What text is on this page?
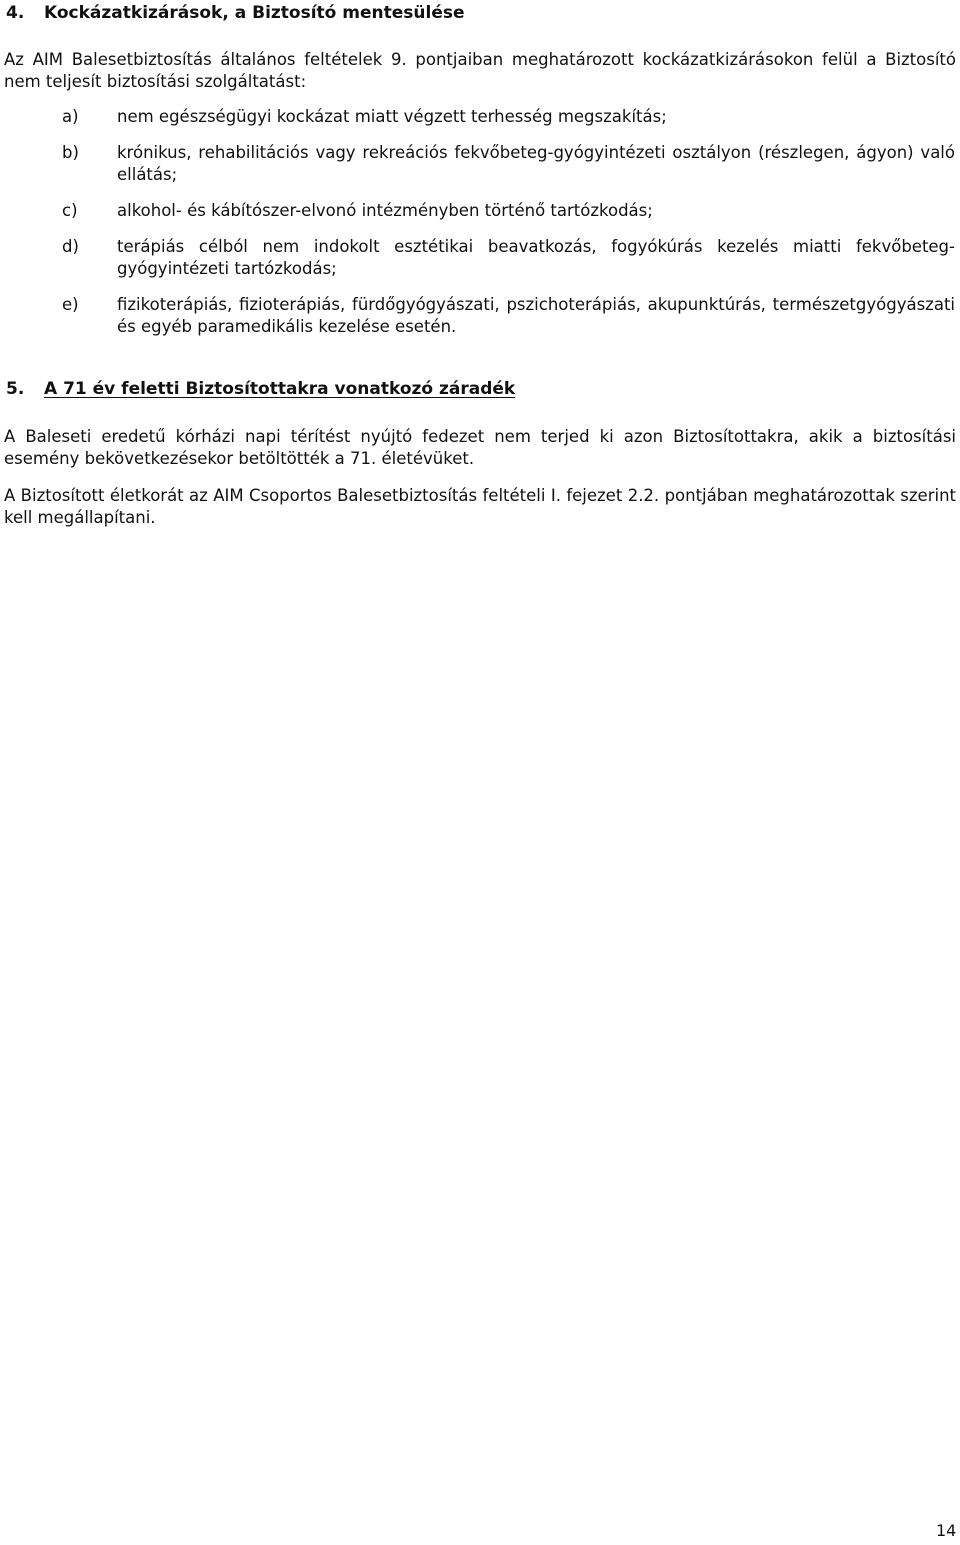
4. Kockázatkizárások, a Biztosító mentesülése
Az AIM Balesetbiztosítás általános feltételek 9. pontjaiban meghatározott kockázatkizárásokon felül a Biztosító nem teljesít biztosítási szolgáltatást:
a) nem egészségügyi kockázat miatt végzett terhesség megszakítás;
b) krónikus, rehabilitációs vagy rekreációs fekvőbeteg-gyógyintézeti osztályon (részlegen, ágyon) való ellátás;
c) alkohol- és kábítószer-elvonó intézményben történő tartózkodás;
d) terápiás célból nem indokolt esztétikai beavatkozás, fogyókúrás kezelés miatti fekvőbeteg-gyógyintézeti tartózkodás;
e) fizikoterápiás, fizioterápiás, fürdőgyógyászati, pszichoterápiás, akupunktúrás, természetgyógyászati és egyéb paramedikális kezelése esetén.
5. A 71 év feletti Biztosítottakra vonatkozó záradék
A Baleseti eredetű kórházi napi térítést nyújtó fedezet nem terjed ki azon Biztosítottakra, akik a biztosítási esemény bekövetkezésekor betöltötték a 71. életévüket.
A Biztosított életkorát az AIM Csoportos Balesetbiztosítás feltételi I. fejezet 2.2. pontjában meghatározottak szerint kell megállapítani.
14
